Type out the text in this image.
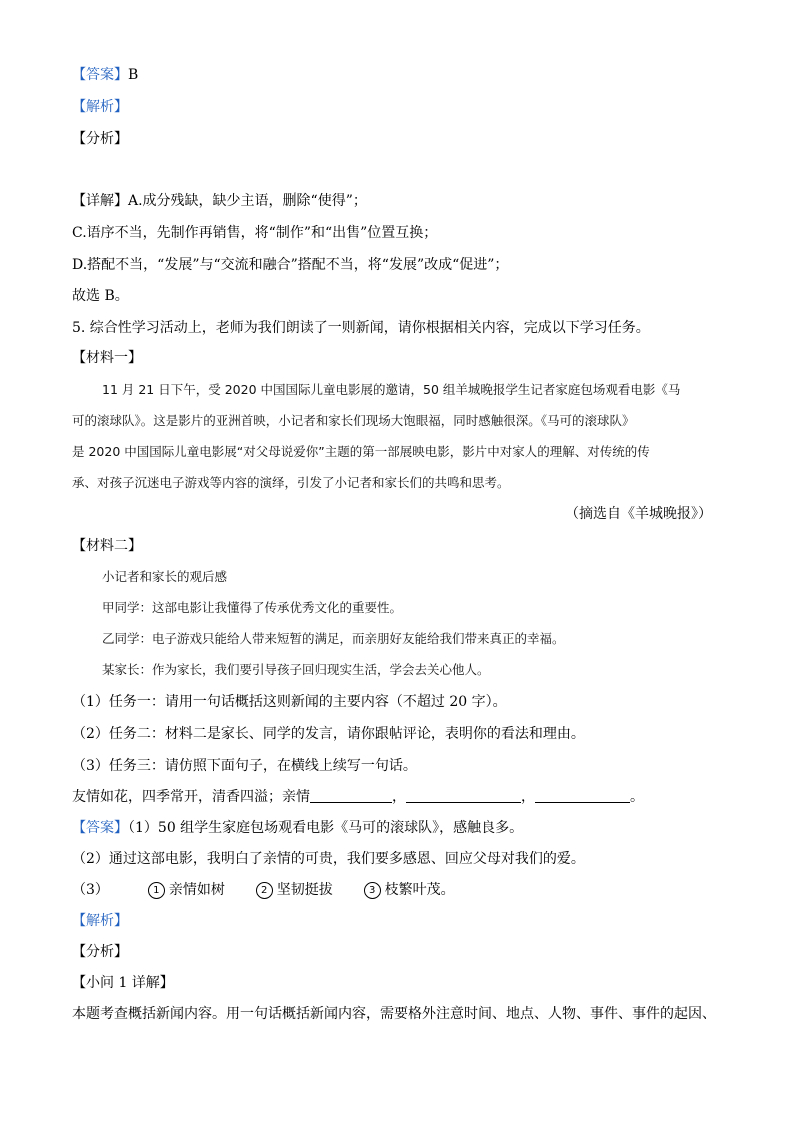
【答案】B
【解析】
【分析】
【详解】A.成分残缺，缺少主语，删除“使得”；
C.语序不当，先制作再销售，将“制作”和“出售”位置互换；
D.搭配不当，“发展”与“交流和融合”搭配不当，将“发展”改成“促进”；
故选 B。
5. 综合性学习活动上，老师为我们朗读了一则新闻，请你根据相关内容，完成以下学习任务。
【材料一】
11 月 21 日下午，受 2020 中国国际儿童电影展的邀请，50 组羊城晚报学生记者家庭包场观看电影《马
可的滚球队》。这是影片的亚洲首映，小记者和家长们现场大饱眼福，同时感触很深。《马可的滚球队》
是 2020 中国国际儿童电影展“对父母说爱你”主题的第一部展映电影，影片中对家人的理解、对传统的传
承、对孩子沉迷电子游戏等内容的演绎，引发了小记者和家长们的共鸣和思考。
（摘选自《羊城晚报》）
【材料二】
小记者和家长的观后感
甲同学：这部电影让我懂得了传承优秀文化的重要性。
乙同学：电子游戏只能给人带来短暂的满足，而亲朋好友能给我们带来真正的幸福。
某家长：作为家长，我们要引导孩子回归现实生活，学会去关心他人。
（1）任务一：请用一句话概括这则新闻的主要内容（不超过 20 字）。
（2）任务二：材料二是家长、同学的发言，请你跟帖评论，表明你的看法和理由。
（3）任务三：请仿照下面句子，在横线上续写一句话。
友情如花，四季常开，清香四溢；亲情	，	，	。
【答案】（1）50 组学生家庭包场观看电影《马可的滚球队》，感触良多。
（2）通过这部电影，我明白了亲情的可贵，我们要多感恩、回应父母对我们的爱。
（3）	1 亲情如树	2 坚韧挺拔	3 枝繁叶茂。
【解析】
【分析】
【小问 1 详解】
本题考查概括新闻内容。用一句话概括新闻内容，需要格外注意时间、地点、人物、事件、事件的起因、
